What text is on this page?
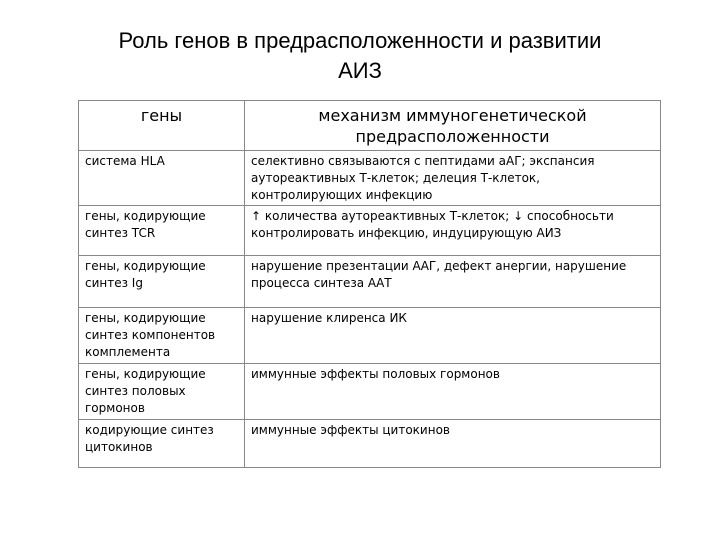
Роль генов в предрасположенности и развитии
АИЗ
гены	механизм иммуногенетической предрасположенности
система HLA	селективно связываются с пептидами аАГ; экспансия аутореактивных Т-клеток; делеция Т-клеток, контролирующих инфекцию
гены, кодирующие синтез TCR	↑ количества аутореактивных Т-клеток; ↓ способносьти контролировать инфекцию, индуцирующую АИЗ
гены, кодирующие синтез Ig	нарушение презентации ААГ, дефект анергии, нарушение процесса синтеза ААТ
гены, кодирующие синтез компонентов комплемента	нарушение клиренса ИК
гены, кодирующие синтез половых гормонов	иммунные эффекты половых гормонов
кодирующие синтез цитокинов	иммунные эффекты цитокинов
